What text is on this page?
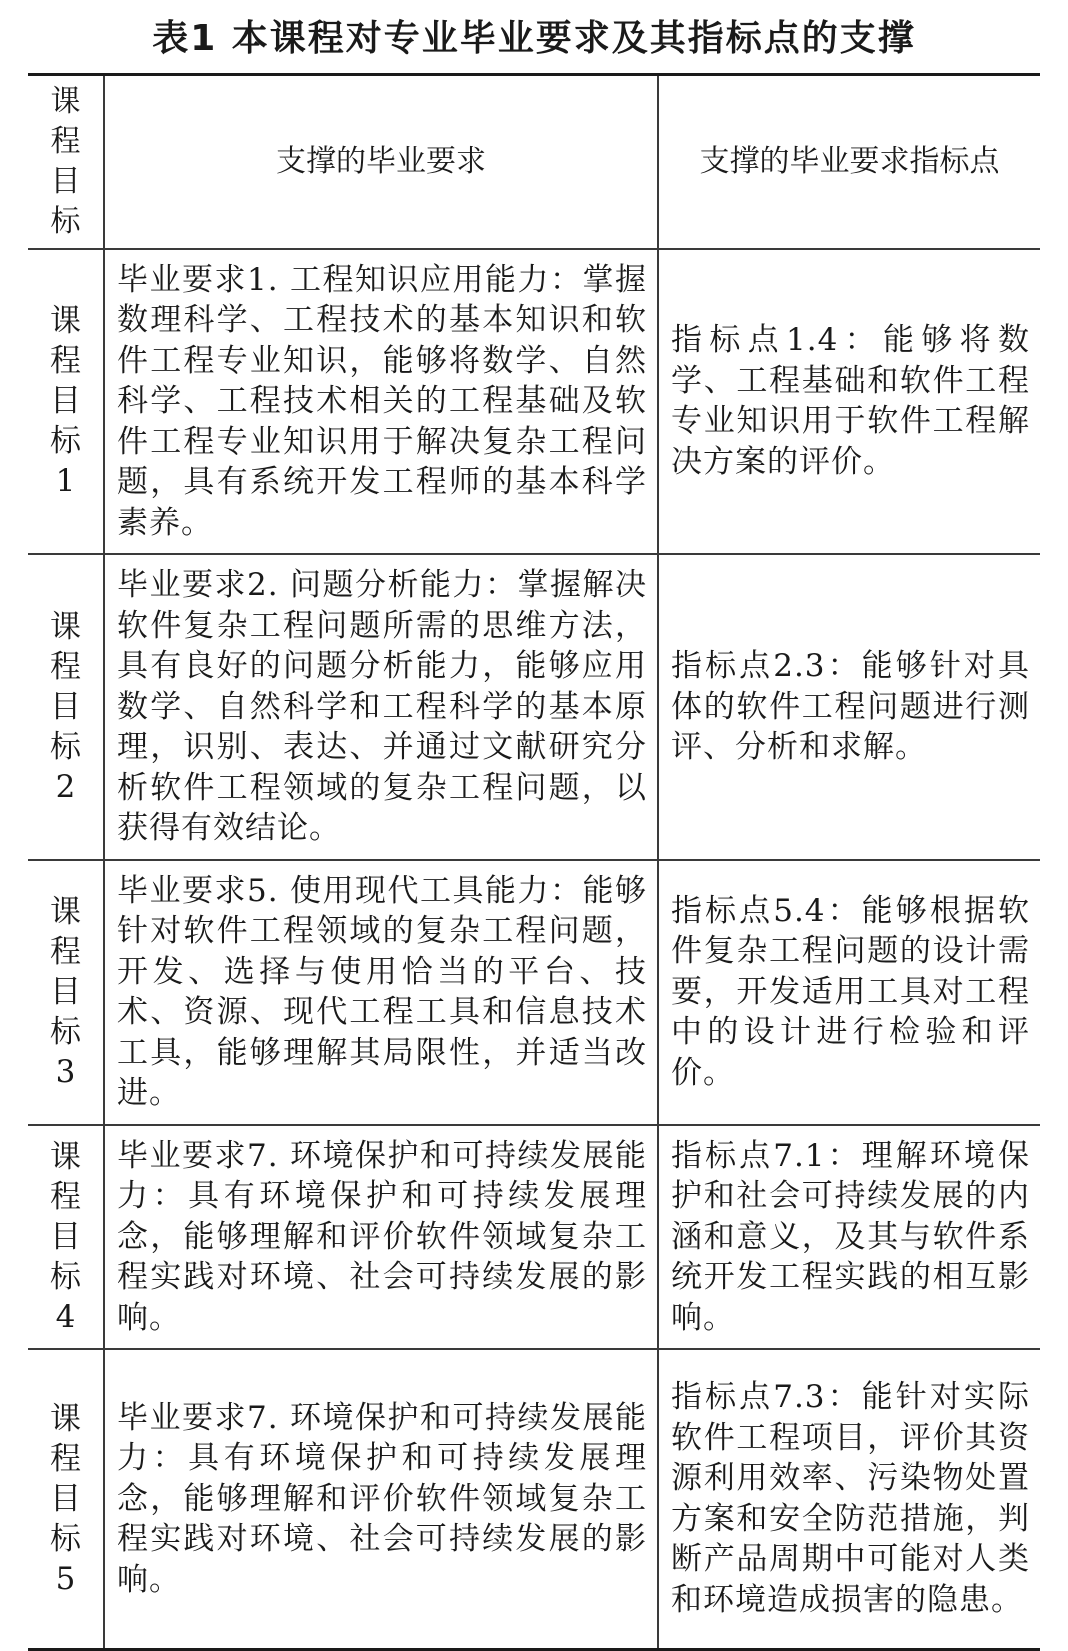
表1 本课程对专业毕业要求及其指标点的支撑
课程目标	支撑的毕业要求	支撑的毕业要求指标点
课程目标1	毕业要求1. 工程知识应用能力：掌握数理科学、工程技术的基本知识和软件工程专业知识，能够将数学、自然科学、工程技术相关的工程基础及软件工程专业知识用于解决复杂工程问题，具有系统开发工程师的基本科学素养。	指标点1.4：能够将数学、工程基础和软件工程专业知识用于软件工程解决方案的评价。
课程目标2	毕业要求2. 问题分析能力：掌握解决软件复杂工程问题所需的思维方法，具有良好的问题分析能力，能够应用数学、自然科学和工程科学的基本原理，识别、表达、并通过文献研究分析软件工程领域的复杂工程问题，以获得有效结论。	指标点2.3：能够针对具体的软件工程问题进行测评、分析和求解。
课程目标3	毕业要求5. 使用现代工具能力：能够针对软件工程领域的复杂工程问题，开发、选择与使用恰当的平台、技术、资源、现代工程工具和信息技术工具，能够理解其局限性，并适当改进。	指标点5.4：能够根据软件复杂工程问题的设计需要，开发适用工具对工程中的设计进行检验和评价。
课程目标4	毕业要求7. 环境保护和可持续发展能力：具有环境保护和可持续发展理念，能够理解和评价软件领域复杂工程实践对环境、社会可持续发展的影响。	指标点7.1：理解环境保护和社会可持续发展的内涵和意义，及其与软件系统开发工程实践的相互影响。
课程目标5	毕业要求7. 环境保护和可持续发展能力：具有环境保护和可持续发展理念，能够理解和评价软件领域复杂工程实践对环境、社会可持续发展的影响。	指标点7.3：能针对实际软件工程项目，评价其资源利用效率、污染物处置方案和安全防范措施，判断产品周期中可能对人类和环境造成损害的隐患。
